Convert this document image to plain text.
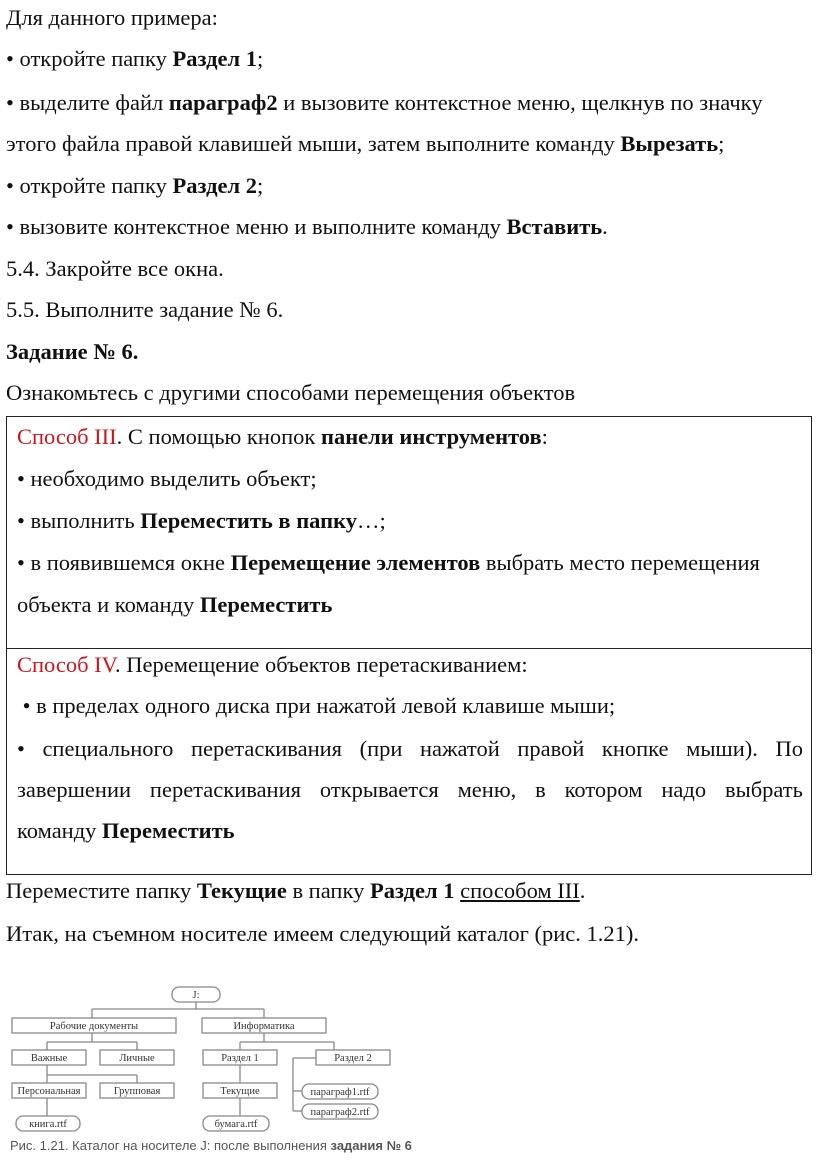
Для данного примера:
• откройте папку Раздел 1;
• выделите файл параграф2 и вызовите контекстное меню, щелкнув по значку
этого файла правой клавишей мыши, затем выполните команду Вырезать;
• откройте папку Раздел 2;
• вызовите контекстное меню и выполните команду Вставить.
5.4. Закройте все окна.
5.5. Выполните задание № 6.
Задание № 6.
Ознакомьтесь с другими способами перемещения объектов
Способ III. С помощью кнопок панели инструментов:
• необходимо выделить объект;
• выполнить Переместить в папку…;
• в появившемся окне Перемещение элементов выбрать место перемещения
объекта и команду Переместить
Способ IV. Перемещение объектов перетаскиванием:
• в пределах одного диска при нажатой левой клавише мыши;
• специального перетаскивания (при нажатой правой кнопке мыши). По
завершении перетаскивания открывается меню, в котором надо выбрать
команду Переместить
Переместите папку Текущие в папку Раздел 1 способом III.
Итак, на съемном носителе имеем следующий каталог (рис. 1.21).
J:
Рабочие документы	Информатика
Важные	Личные	Раздел 1	Раздел 2
Персональная	Групповая	Текущие	параграф1.rtf
параграф2.rtf
книга.rtf	бумага.rtf
Рис. 1.21. Каталог на носителе J: после выполнения задания № 6
